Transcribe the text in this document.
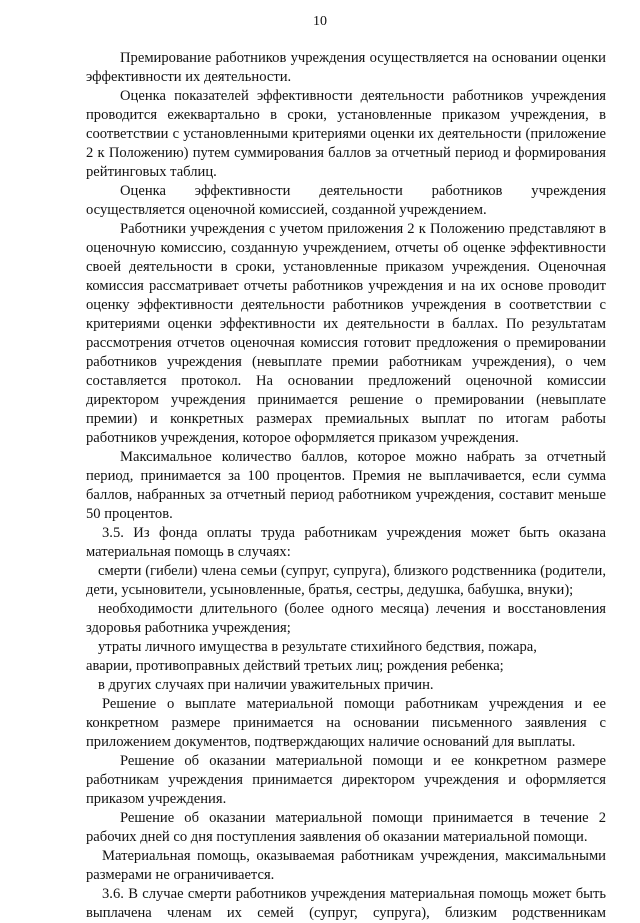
10

Премирование работников учреждения осуществляется на основании оценки эффективности их деятельности.

Оценка показателей эффективности деятельности работников учреждения проводится ежеквартально в сроки, установленные приказом учреждения, в соответствии с установленными критериями оценки их деятельности (приложение 2 к Положению) путем суммирования баллов за отчетный период и формирования рейтинговых таблиц.

Оценка эффективности деятельности работников учреждения осуществляется оценочной комиссией, созданной учреждением.

Работники учреждения с учетом приложения 2 к Положению представляют в оценочную комиссию, созданную учреждением, отчеты об оценке эффективности своей деятельности в сроки, установленные приказом учреждения. Оценочная комиссия рассматривает отчеты работников учреждения и на их основе проводит оценку эффективности деятельности работников учреждения в соответствии с критериями оценки эффективности их деятельности в баллах. По результатам рассмотрения отчетов оценочная комиссия готовит предложения о премировании работников учреждения (невыплате премии работникам учреждения), о чем составляется протокол. На основании предложений оценочной комиссии директором учреждения принимается решение о премировании (невыплате премии) и конкретных размерах премиальных выплат по итогам работы работников учреждения, которое оформляется приказом учреждения.

Максимальное количество баллов, которое можно набрать за отчетный период, принимается за 100 процентов. Премия не выплачивается, если сумма баллов, набранных за отчетный период работником учреждения, составит меньше 50 процентов.

3.5. Из фонда оплаты труда работникам учреждения может быть оказана материальная помощь в случаях:

смерти (гибели) члена семьи (супруг, супруга), близкого родственника (родители, дети, усыновители, усыновленные, братья, сестры, дедушка, бабушка, внуки);

необходимости длительного (более одного месяца) лечения и восстановления здоровья работника учреждения;

утраты личного имущества в результате стихийного бедствия, пожара,

аварии, противоправных действий третьих лиц; рождения ребенка;

в других случаях при наличии уважительных причин.

Решение о выплате материальной помощи работникам учреждения и ее конкретном размере принимается на основании письменного заявления с приложением документов, подтверждающих наличие оснований для выплаты.

Решение об оказании материальной помощи и ее конкретном размере работникам учреждения принимается директором учреждения и оформляется приказом учреждения.

Решение об оказании материальной помощи принимается в течение 2 рабочих дней со дня поступления заявления об оказании материальной помощи.

Материальная помощь, оказываемая работникам учреждения, максимальными размерами не ограничивается.

3.6. В случае смерти работников учреждения материальная помощь может быть выплачена членам их семей (супруг, супруга), близким родственникам
